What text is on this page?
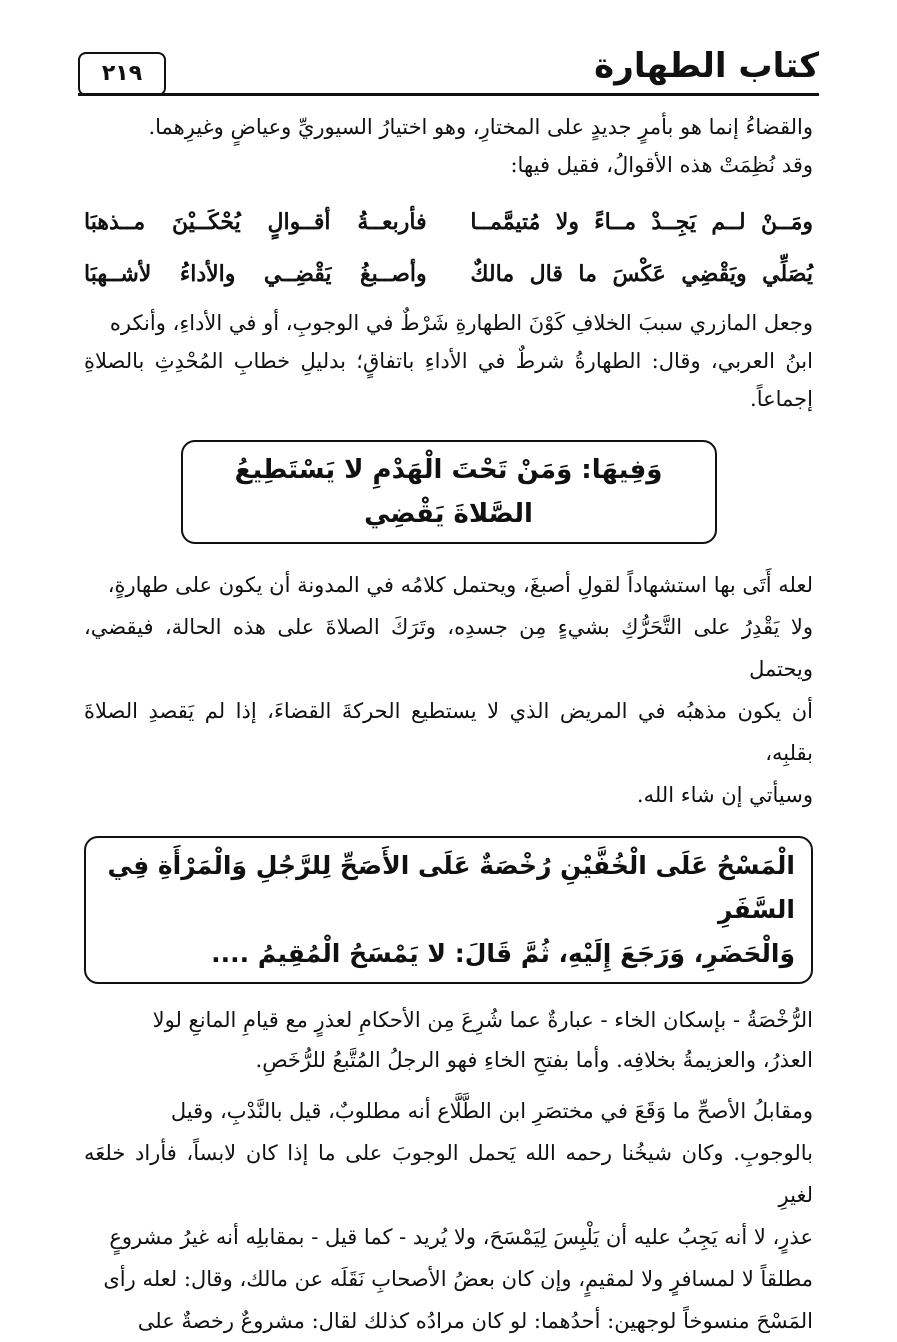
كتاب الطهارة
٢١٩

والقضاءُ إنما هو بأمرٍ جديدٍ على المختارِ، وهو اختيارُ السيوريِّ وعياضٍ وغيرِهما.

وقد نُظِمَتْ هذه الأقوالُ، فقيل فيها:

ومَــنْ لــم يَجِــدْ مــاءً ولا مُتيمَّمــا
فأربعــةُ أقــوالٍ يُحْكَــيْنَ مــذهبَا
يُصَلِّي ويَقْضِي عَكْسَ ما قال مالكٌ
وأصــبغُ يَقْضِــي والأداءُ لأشــهبَا

وجعل المازري سببَ الخلافِ كَوْنَ الطهارةِ شَرْطٌ في الوجوبِ، أو في الأداءِ، وأنكره
ابنُ العربي، وقال: الطهارةُ شرطٌ في الأداءِ باتفاقٍ؛ بدليلِ خطابِ المُحْدِثِ بالصلاةِ إجماعاً.

وَفِيهَا: وَمَنْ تَحْتَ الْهَدْمِ لا يَسْتَطِيعُ الصَّلاةَ يَقْضِي

لعله أَتَى بها استشهاداً لقولِ أصبغَ، ويحتمل كلامُه في المدونة أن يكون على طهارةٍ،
ولا يَقْدِرُ على التَّحَرُّكِ بشيءٍ مِن جسدِه، وتَرَكَ الصلاةَ على هذه الحالة، فيقضي، ويحتمل
أن يكون مذهبُه في المريض الذي لا يستطيع الحركةَ القضاءَ، إذا لم يَقصدِ الصلاةَ بقلبِه،
وسيأتي إن شاء الله.

الْمَسْحُ عَلَى الْخُفَّيْنِ رُخْصَةٌ عَلَى الأَصَحِّ لِلرَّجُلِ وَالْمَرْأَةِ فِي السَّفَرِ
وَالْحَضَرِ، وَرَجَعَ إِلَيْهِ، ثُمَّ قَالَ: لا يَمْسَحُ الْمُقِيمُ ....

الرُّخْصَةُ - بإسكان الخاء - عبارةٌ عما شُرِعَ مِن الأحكامِ لعذرٍ مع قيامِ المانعِ لولا
العذرُ، والعزيمةُ بخلافِه. وأما بفتحِ الخاءِ فهو الرجلُ المُتَّبعُ للرُّخَصِ.

ومقابلُ الأصحِّ ما وَقَعَ في مختصَرِ ابن الطَّلَّاع أنه مطلوبٌ، قيل بالنَّدْبِ، وقيل
بالوجوبِ. وكان شيخُنا رحمه الله يَحمل الوجوبَ على ما إذا كان لابساً، فأراد خلعَه لغيرِ
عذرٍ، لا أنه يَجِبُ عليه أن يَلْبِسَ لِيَمْسَحَ، ولا يُريد - كما قيل - بمقابلِه أنه غيرُ مشروعٍ
مطلقاً لا لمسافرٍ ولا لمقيمٍ، وإن كان بعضُ الأصحابِ نَقَلَه عن مالك، وقال: لعله رأى
المَسْحَ منسوخاً لوجهين: أحدُهما: لو كان مرادُه كذلك لقال: مشروعٌ رخصةٌ على
